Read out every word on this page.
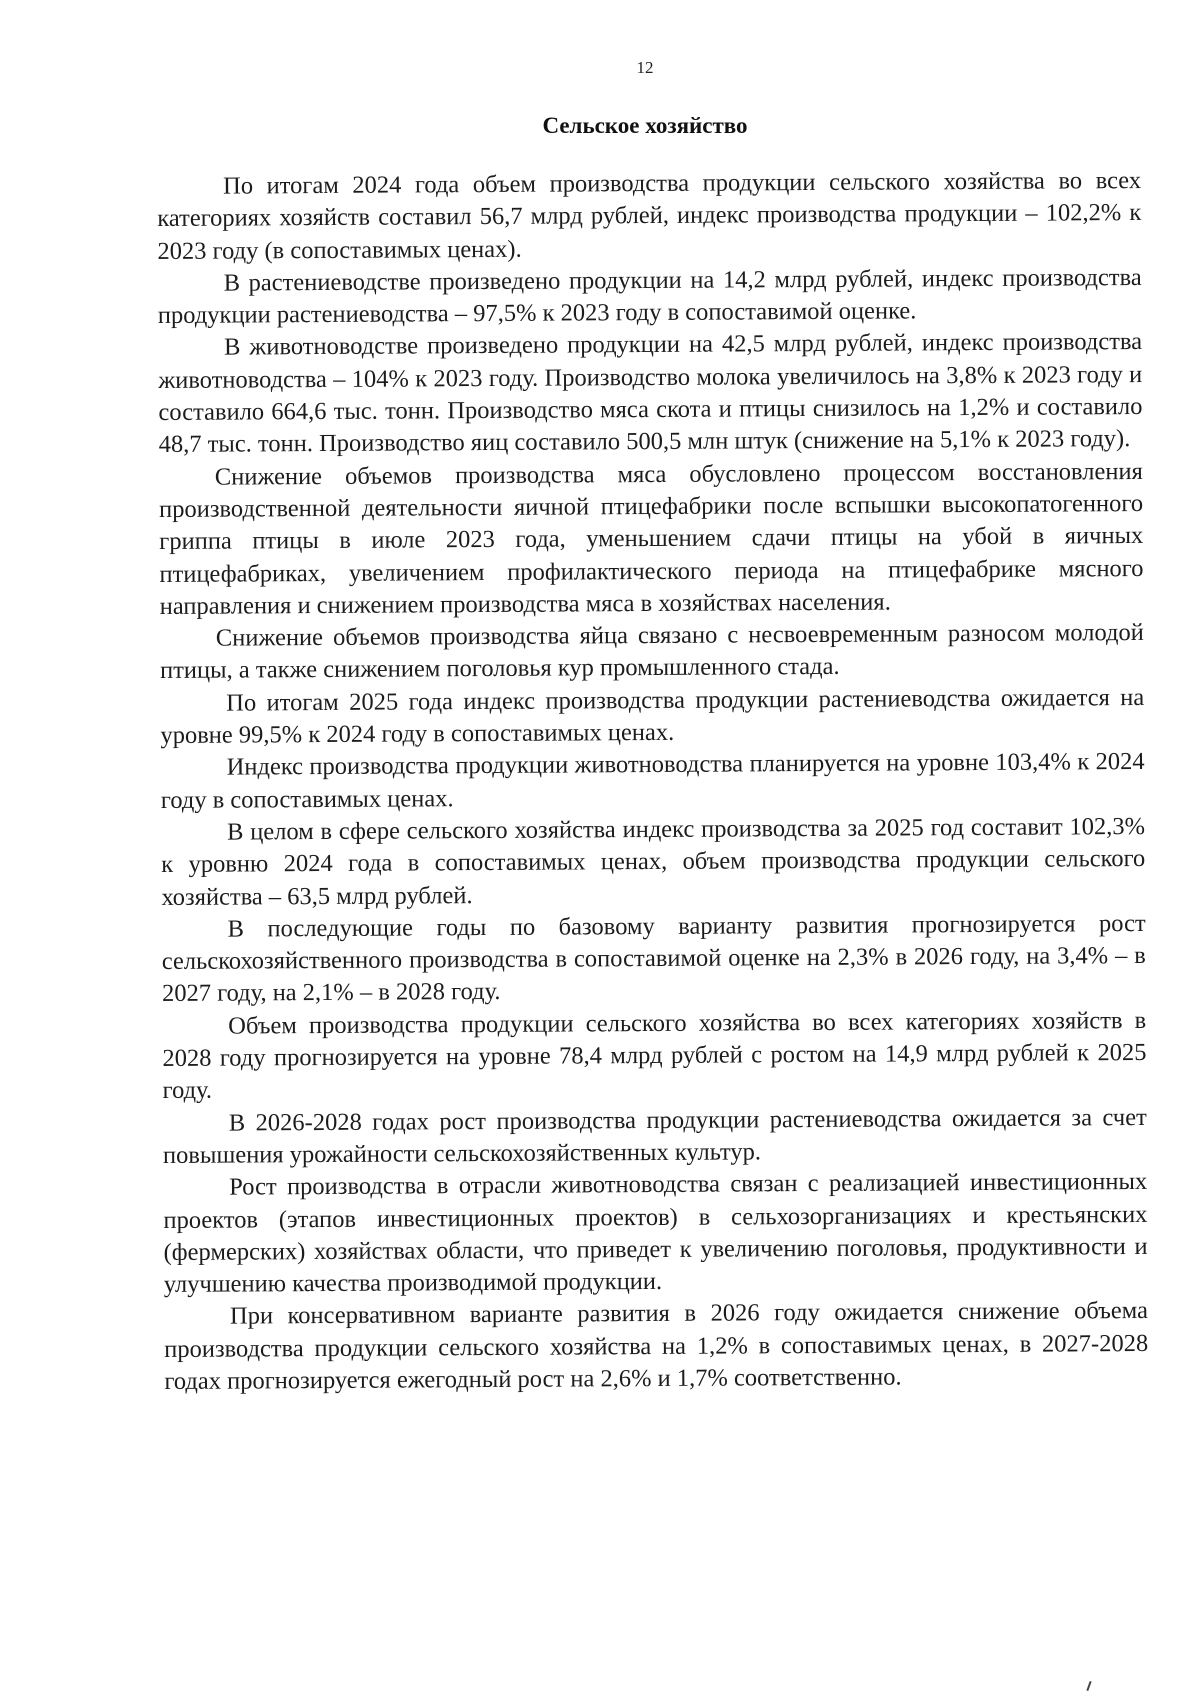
12
Сельское хозяйство

По итогам 2024 года объем производства продукции сельского хозяйства во всех категориях хозяйств составил 56,7 млрд рублей, индекс производства продукции – 102,2% к 2023 году (в сопоставимых ценах).

В растениеводстве произведено продукции на 14,2 млрд рублей, индекс производства продукции растениеводства – 97,5% к 2023 году в сопоставимой оценке.

В животноводстве произведено продукции на 42,5 млрд рублей, индекс производства животноводства – 104% к 2023 году. Производство молока увеличилось на 3,8% к 2023 году и составило 664,6 тыс. тонн. Производство мяса скота и птицы снизилось на 1,2% и составило 48,7 тыс. тонн. Производство яиц составило 500,5 млн штук (снижение на 5,1% к 2023 году).

Снижение объемов производства мяса обусловлено процессом восстановления производственной деятельности яичной птицефабрики после вспышки высокопатогенного гриппа птицы в июле 2023 года, уменьшением сдачи птицы на убой в яичных птицефабриках, увеличением профилактического периода на птицефабрике мясного направления и снижением производства мяса в хозяйствах населения.

Снижение объемов производства яйца связано с несвоевременным разносом молодой птицы, а также снижением поголовья кур промышленного стада.

По итогам 2025 года индекс производства продукции растениеводства ожидается на уровне 99,5% к 2024 году в сопоставимых ценах.

Индекс производства продукции животноводства планируется на уровне 103,4% к 2024 году в сопоставимых ценах.

В целом в сфере сельского хозяйства индекс производства за 2025 год составит 102,3% к уровню 2024 года в сопоставимых ценах, объем производства продукции сельского хозяйства – 63,5 млрд рублей.

В последующие годы по базовому варианту развития прогнозируется рост сельскохозяйственного производства в сопоставимой оценке на 2,3% в 2026 году, на 3,4% – в 2027 году, на 2,1% – в 2028 году.

Объем производства продукции сельского хозяйства во всех категориях хозяйств в 2028 году прогнозируется на уровне 78,4 млрд рублей с ростом на 14,9 млрд рублей к 2025 году.

В 2026-2028 годах рост производства продукции растениеводства ожидается за счет повышения урожайности сельскохозяйственных культур.

Рост производства в отрасли животноводства связан с реализацией инвестиционных проектов (этапов инвестиционных проектов) в сельхозорганизациях и крестьянских (фермерских) хозяйствах области, что приведет к увеличению поголовья, продуктивности и улучшению качества производимой продукции.

При консервативном варианте развития в 2026 году ожидается снижение объема производства продукции сельского хозяйства на 1,2% в сопоставимых ценах, в 2027-2028 годах прогнозируется ежегодный рост на 2,6% и 1,7% соответственно.
